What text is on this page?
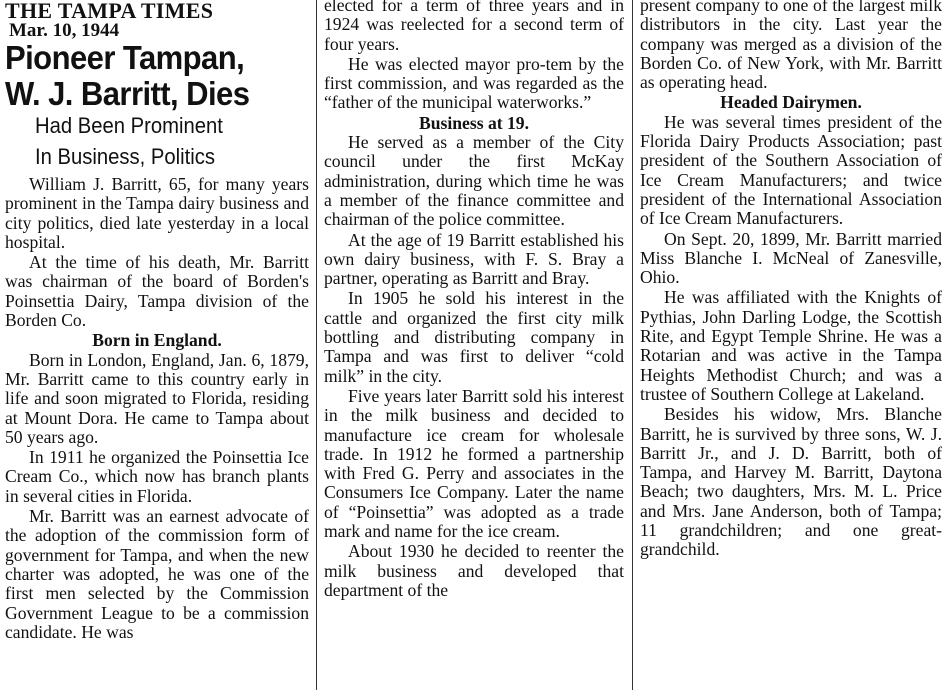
THE TAMPA TIMES
Mar. 10, 1944
Pioneer Tampan,
W. J. Barritt, Dies
Had Been Prominent
In Business, Politics

William J. Barritt, 65, for many years prominent in the Tampa dairy business and city politics, died late yesterday in a local hospital.

At the time of his death, Mr. Barritt was chairman of the board of Borden's Poinsettia Dairy, Tampa division of the Borden Co.

Born in England.

Born in London, England, Jan. 6, 1879, Mr. Barritt came to this country early in life and soon migrated to Florida, residing at Mount Dora. He came to Tampa about 50 years ago.

In 1911 he organized the Poinsettia Ice Cream Co., which now has branch plants in several cities in Florida.

Mr. Barritt was an earnest advocate of the adoption of the commission form of government for Tampa, and when the new charter was adopted, he was one of the first men selected by the Commission Government League to be a commission candidate. He was

elected for a term of three years and in 1924 was reelected for a second term of four years.

He was elected mayor pro-tem by the first commission, and was regarded as the “father of the municipal waterworks.”

Business at 19.

He served as a member of the City council under the first McKay administration, during which time he was a member of the finance committee and chairman of the police committee.

At the age of 19 Barritt established his own dairy business, with F. S. Bray a partner, operating as Barritt and Bray.

In 1905 he sold his interest in the cattle and organized the first city milk bottling and distributing company in Tampa and was first to deliver “cold milk” in the city.

Five years later Barritt sold his interest in the milk business and decided to manufacture ice cream for wholesale trade. In 1912 he formed a partnership with Fred G. Perry and associates in the Consumers Ice Company. Later the name of “Poinsettia” was adopted as a trade mark and name for the ice cream.

About 1930 he decided to reenter the milk business and developed that department of the

present company to one of the largest milk distributors in the city. Last year the company was merged as a division of the Borden Co. of New York, with Mr. Barritt as operating head.

Headed Dairymen.

He was several times president of the Florida Dairy Products Association; past president of the Southern Association of Ice Cream Manufacturers; and twice president of the International Association of Ice Cream Manufacturers.

On Sept. 20, 1899, Mr. Barritt married Miss Blanche I. McNeal of Zanesville, Ohio.

He was affiliated with the Knights of Pythias, John Darling Lodge, the Scottish Rite, and Egypt Temple Shrine. He was a Rotarian and was active in the Tampa Heights Methodist Church; and was a trustee of Southern College at Lakeland.

Besides his widow, Mrs. Blanche Barritt, he is survived by three sons, W. J. Barritt Jr., and J. D. Barritt, both of Tampa, and Harvey M. Barritt, Daytona Beach; two daughters, Mrs. M. L. Price and Mrs. Jane Anderson, both of Tampa; 11 grandchildren; and one great-grandchild.
